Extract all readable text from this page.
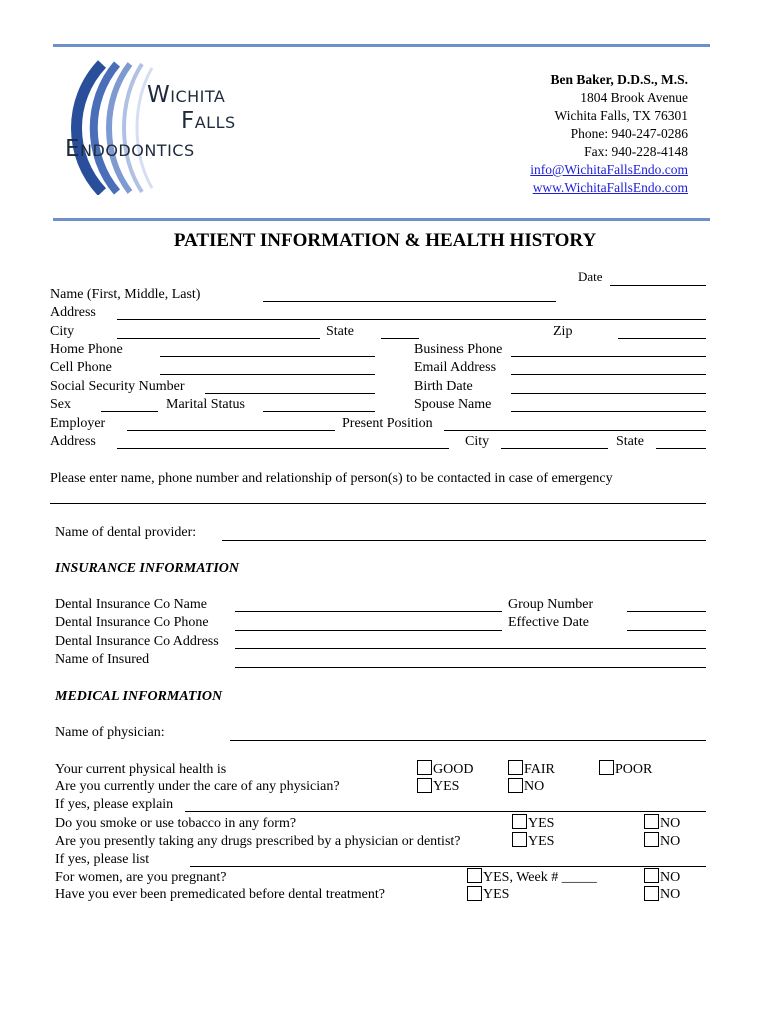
Wichita
Falls
Endodontics
Ben Baker, D.D.S., M.S.
1804 Brook Avenue
Wichita Falls, TX 76301
Phone: 940-247-0286
Fax: 940-228-4148
info@WichitaFallsEndo.com
www.WichitaFallsEndo.com
PATIENT INFORMATION & HEALTH HISTORY
Date
Name (First, Middle, Last)
Address
City	State	Zip
Home Phone	Business Phone
Cell Phone	Email Address
Social Security Number	Birth Date
Sex	Marital Status	Spouse Name
Employer	Present Position
Address	City	State
Please enter name, phone number and relationship of person(s) to be contacted in case of emergency
Name of dental provider:
INSURANCE INFORMATION
Dental Insurance Co Name	Group Number
Dental Insurance Co Phone	Effective Date
Dental Insurance Co Address
Name of Insured
MEDICAL INFORMATION
Name of physician:
Your current physical health is	GOOD	FAIR	POOR
Are you currently under the care of any physician?	YES	NO
If yes, please explain
Do you smoke or use tobacco in any form?	YES	NO
Are you presently taking any drugs prescribed by a physician or dentist?	YES	NO
If yes, please list
For women, are you pregnant?	YES, Week # _____	NO
Have you ever been premedicated before dental treatment?	YES	NO
